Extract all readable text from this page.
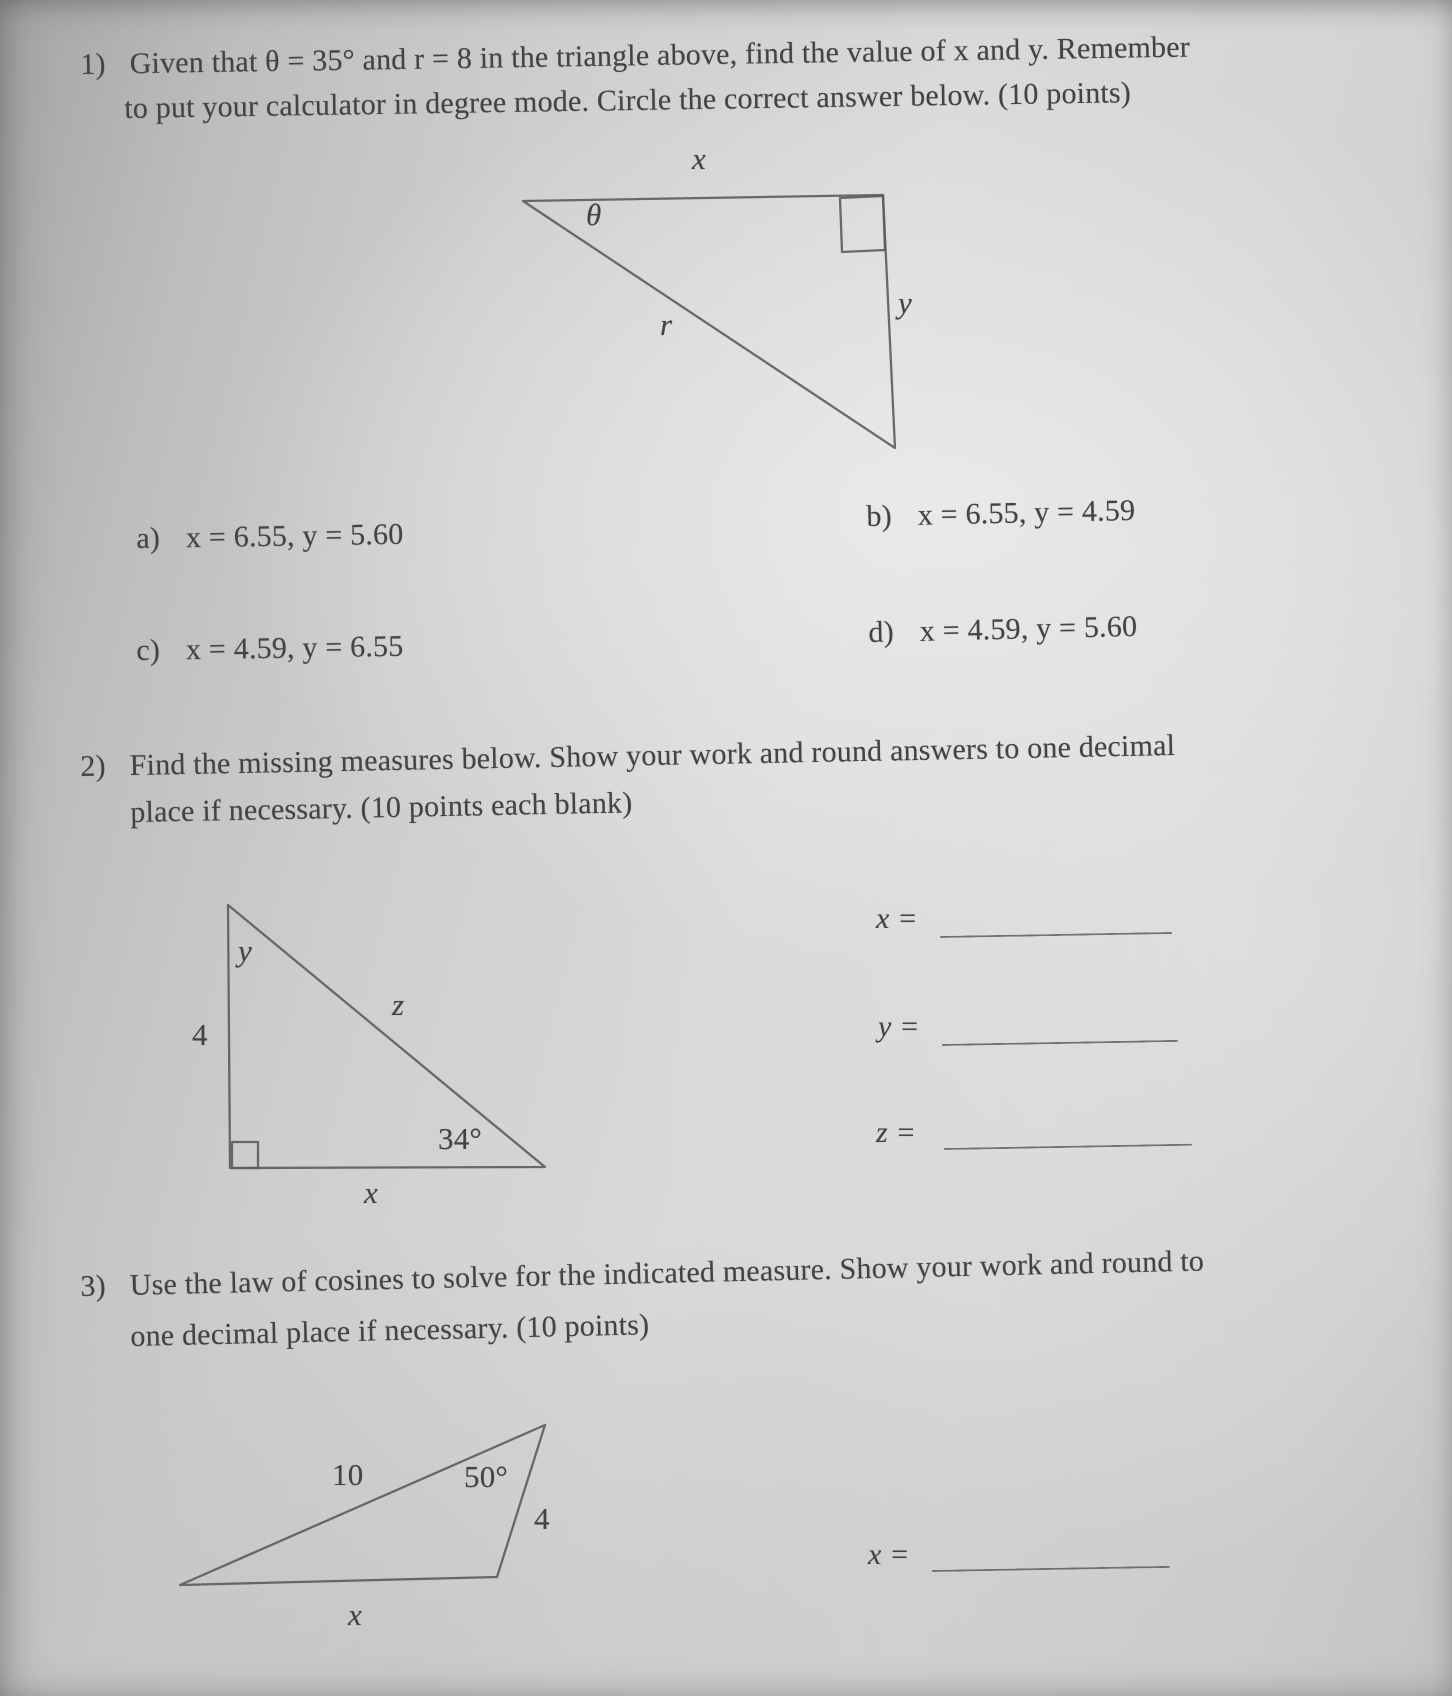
1) Given that θ = 35° and r = 8 in the triangle above, find the value of x and y. Remember
to put your calculator in degree mode. Circle the correct answer below. (10 points)
x
θ
r
y
a) x = 6.55, y = 5.60
b) x = 6.55, y = 4.59
c) x = 4.59, y = 6.55	d) x = 4.59, y = 5.60
2) Find the missing measures below. Show your work and round answers to one decimal
place if necessary. (10 points each blank)
y
4
z
34°
x
x =
y =
z =
3) Use the law of cosines to solve for the indicated measure. Show your work and round to
one decimal place if necessary. (10 points)
10	50°
4
x
x =
